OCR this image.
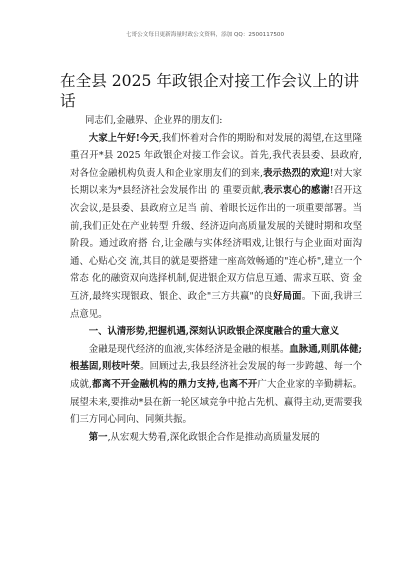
七哥公文每日更新海量时政公文资料，添加 QQ：2500117500
在全县 2025 年政银企对接工作会议上的讲话

同志们,金融界、企业界的朋友们:

大家上午好!今天,我们怀着对合作的期盼和对发展的渴望,在这里隆重召开*县 2025 年政银企对接工作会议。首先,我代表县委、县政府,对各位金融机构负责人和企业家朋友们的到来,表示热烈的欢迎!对大家长期以来为*县经济社会发展作出 的 重要贡献,表示衷心的感谢!召开这次会议,是县委、县政府立足当 前、着眼长远作出的一项重要部署。当前,我们正处在产业转型 升级、经济迈向高质量发展的关键时期和攻坚阶段。通过政府搭 台,让金融与实体经济唱戏,让银行与企业面对面沟通、心贴心交 流,其目的就是要搭建一座高效畅通的"连心桥",建立一个常态 化的融资双向选择机制,促进银企双方信息互通、需求互联、资 金互济,最终实现银政、银企、政企"三方共赢"的良好局面。下面,我讲三点意见。

一、认清形势,把握机遇,深刻认识政银企深度融合的重大意义

金融是现代经济的血液,实体经济是金融的根基。血脉通,则肌体健;根基固,则枝叶荣。回顾过去,我县经济社会发展的每一步跨越、每一个成就,都离不开金融机构的鼎力支持,也离不开广大企业家的辛勤耕耘。展望未来,要推动*县在新一轮区域竞争中抢占先机、赢得主动,更需要我们三方同心同向、同频共振。

第一,从宏观大势看,深化政银企合作是推动高质量发展的
